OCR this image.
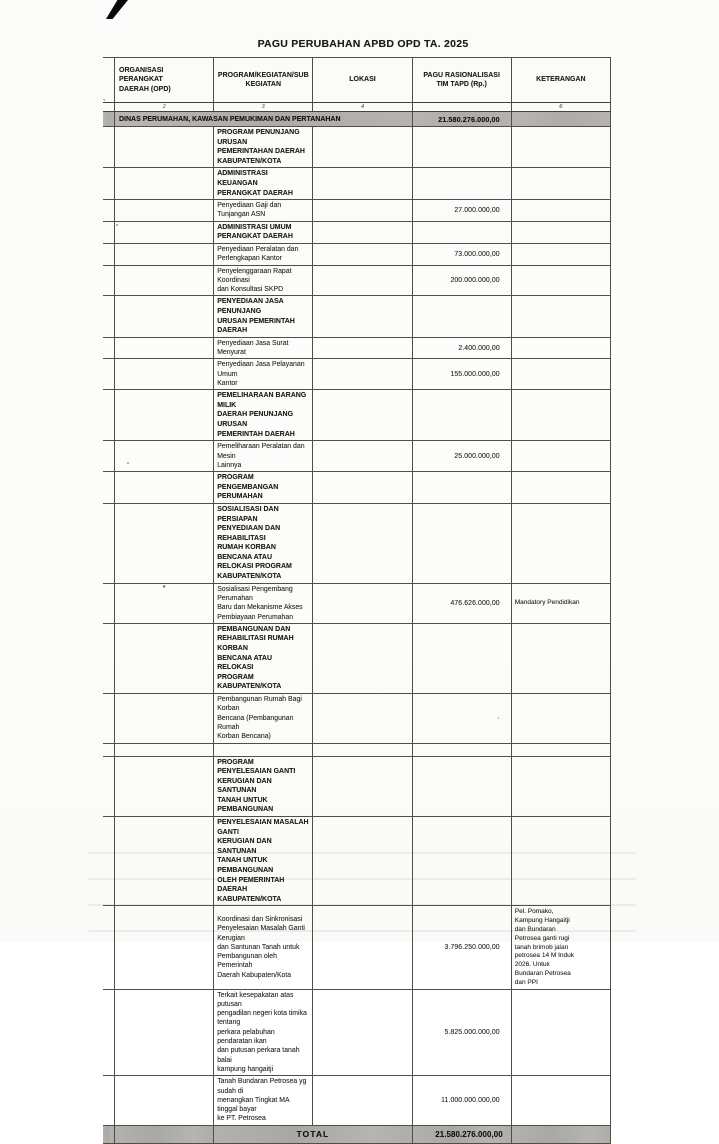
PAGU PERUBAHAN APBD OPD TA. 2025
,	ORGANISASI
PERANGKAT
DAERAH (OPD)	PROGRAM/KEGIATAN/SUB
KEGIATAN	LOKASI	PAGU RASIONALISASI
TIM TAPD (Rp.)	KETERANGAN
	2	3	4		6
	DINAS PERUMAHAN, KAWASAN PEMUKIMAN DAN PERTANAHAN			21.580.276.000,00	
		PROGRAM PENUNJANG URUSAN
PEMERINTAHAN DAERAH
KABUPATEN/KOTA			
		ADMINISTRASI KEUANGAN
PERANGKAT DAERAH			
		Penyediaan Gaji dan Tunjangan ASN		27.000.000,00	
		ADMINISTRASI UMUM
PERANGKAT DAERAH			
		Penyediaan Peralatan dan
Perlengkapan Kantor		73.000.000,00	
		Penyelenggaraan Rapat Koordinasi
dan Konsultasi SKPD		200.000.000,00	
		PENYEDIAAN JASA PENUNJANG
URUSAN PEMERINTAH DAERAH			
		Penyediaan Jasa Surat Menyurat		2.400.000,00	
		Penyediaan Jasa Pelayanan Umum
Kantor		155.000.000,00	
		PEMELIHARAAN BARANG MILIK
DAERAH PENUNJANG URUSAN
PEMERINTAH DAERAH			
		Pemeliharaan Peralatan dan Mesin
Lainnya		25.000.000,00	
		PROGRAM PENGEMBANGAN
PERUMAHAN			
		SOSIALISASI DAN PERSIAPAN
PENYEDIAAN DAN REHABILITASI
RUMAH KORBAN BENCANA ATAU
RELOKASI PROGRAM
KABUPATEN/KOTA			
	*	Sosialisasi Pengembang Perumahan
Baru dan Mekanisme Akses
Pembiayaan Perumahan		476.626.000,00	Mandatory Pendidikan
		PEMBANGUNAN DAN
REHABILITASI RUMAH KORBAN
BENCANA ATAU RELOKASI
PROGRAM KABUPATEN/KOTA			
		Pembangunan Rumah Bagi Korban
Bencana (Pembangunan Rumah
Korban Bencana)		·	

		PROGRAM PENYELESAIAN GANTI
KERUGIAN DAN SANTUNAN
TANAH UNTUK PEMBANGUNAN			
		PENYELESAIAN MASALAH GANTI
KERUGIAN DAN SANTUNAN
TANAH UNTUK PEMBANGUNAN
OLEH PEMERINTAH DAERAH
KABUPATEN/KOTA			
		Koordinasi dan Sinkronisasi
Penyelesaian Masalah Ganti Kerugian
dan Santunan Tanah untuk
Pembangunan oleh Pemerintah
Daerah Kabupaten/Kota		3.796.250.000,00	Pel. Pomako,
Kampung Hangaitji
dan Bundaran
Petrosea ganti rugi
tanah brimob jalan
petrosea 14 M Induk
2026. Untuk
Bundaran Petrosea
dan PPI
		Terkait kesepakatan atas putusan
pengadilan negeri kota timika tentang
perkara pelabuhan pendaratan ikan
dan putusan perkara tanah balai
kampung hangaitji		5.825.000.000,00	
		Tanah Bundaran Petrosea yg sudah di
menangkan Tingkat MA tinggal bayar
ke PT. Petrosea		11.000.000.000,00	
		TOTAL		21.580.276.000,00	
